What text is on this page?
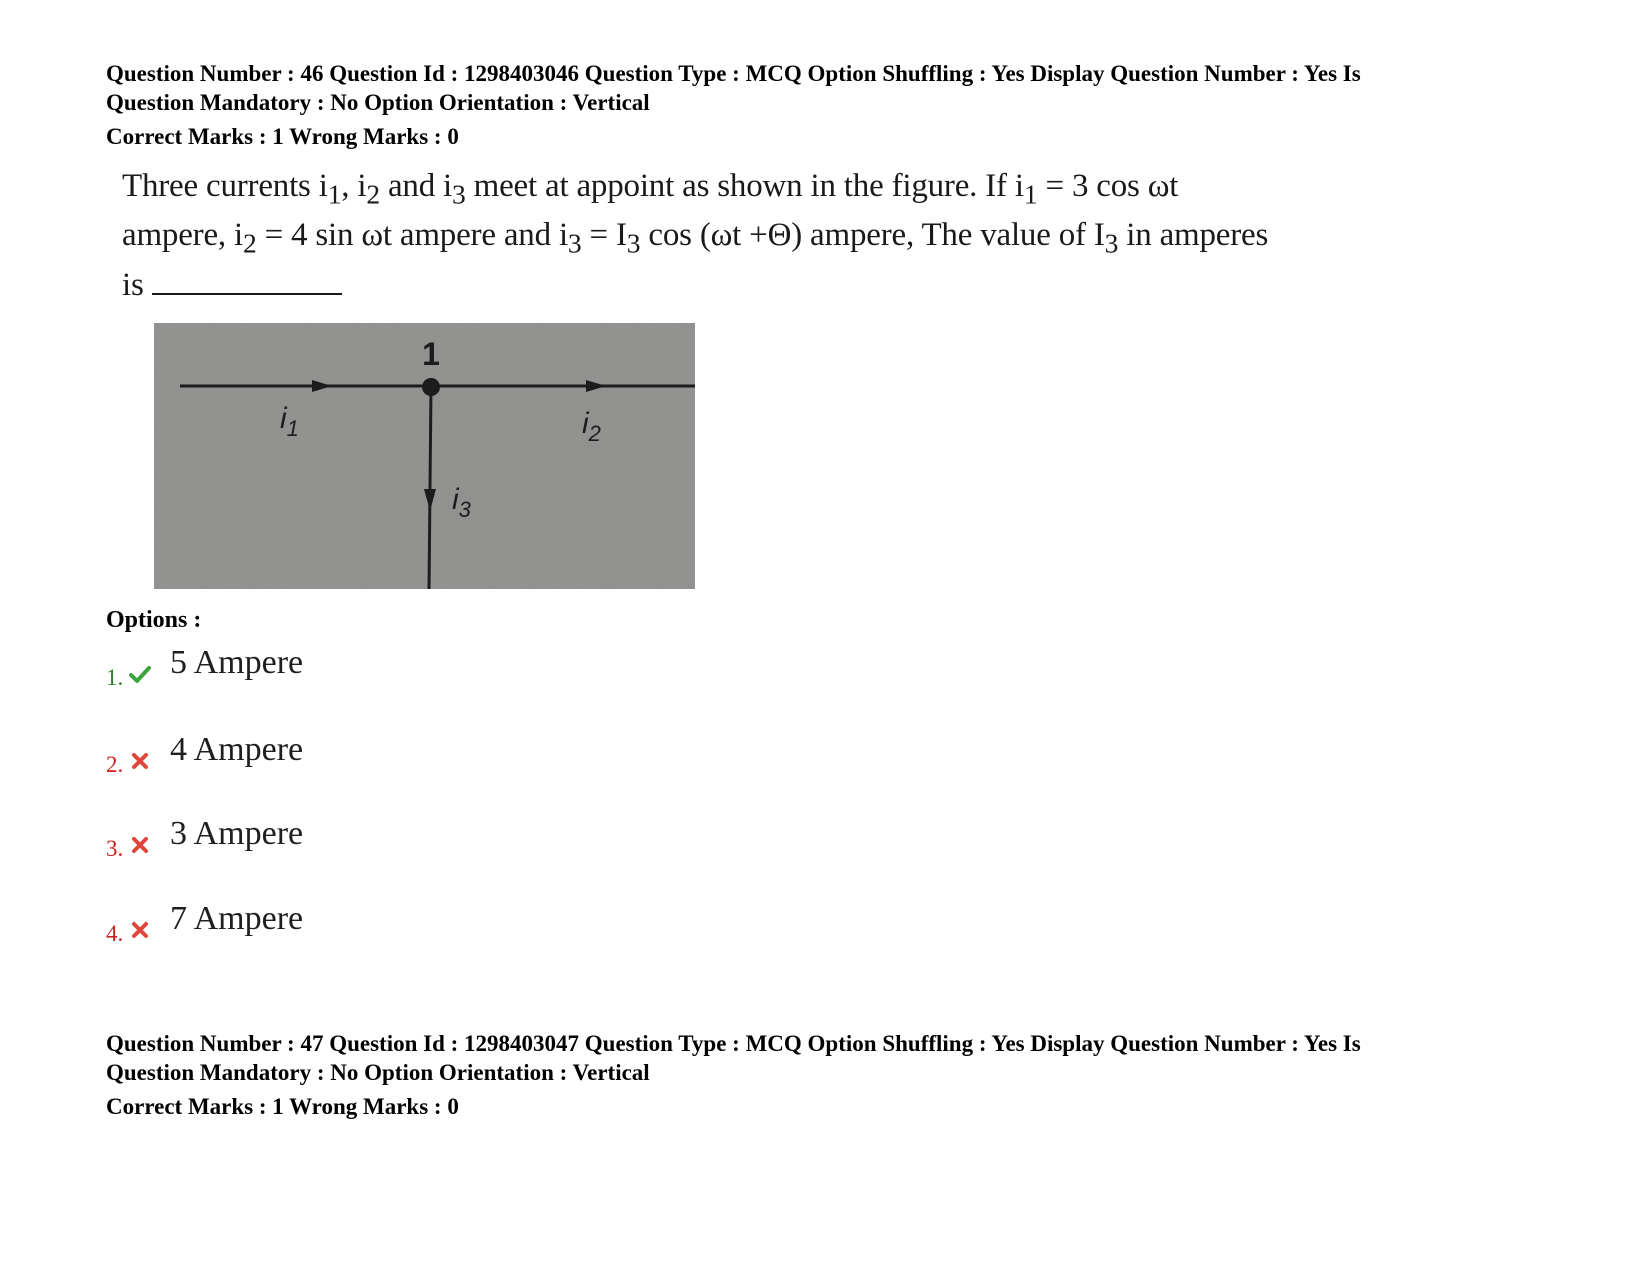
Question Number : 46 Question Id : 1298403046 Question Type : MCQ Option Shuffling : Yes Display Question Number : Yes Is
Question Mandatory : No Option Orientation : Vertical
Correct Marks : 1 Wrong Marks : 0
Three currents $i_1$, $i_2$ and $i_3$ meet at appoint as shown in the figure. If $i_1 = 3$ cos ωt ampere, $i_2 = 4$ sin ωt ampere and $i_3 = I_3$ cos (ωt +Θ) ampere, The value of $I_3$ in amperes is
1
$i_1$	$i_2$
$i_3$
Options :
1. 5 Ampere
2. 4 Ampere
3. 3 Ampere
4. 7 Ampere
Question Number : 47 Question Id : 1298403047 Question Type : MCQ Option Shuffling : Yes Display Question Number : Yes Is
Question Mandatory : No Option Orientation : Vertical
Correct Marks : 1 Wrong Marks : 0
